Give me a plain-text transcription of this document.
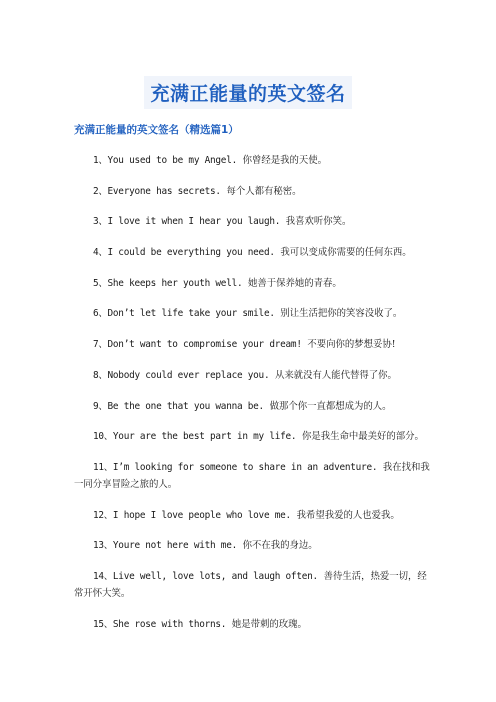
充满正能量的英文签名
充满正能量的英文签名（精选篇1）

1、You used to be my Angel. 你曾经是我的天使。

2、Everyone has secrets. 每个人都有秘密。

3、I love it when I hear you laugh. 我喜欢听你笑。

4、I could be everything you need. 我可以变成你需要的任何东西。

5、She keeps her youth well. 她善于保养她的青春。

6、Don’t let life take your smile. 别让生活把你的笑容没收了。

7、Don’t want to compromise your dream! 不要向你的梦想妥协!

8、Nobody could ever replace you. 从来就没有人能代替得了你。

9、Be the one that you wanna be. 做那个你一直都想成为的人。

10、Your are the best part in my life. 你是我生命中最美好的部分。

11、I’m looking for someone to share in an adventure. 我在找和我一同分享冒险之旅的人。

12、I hope I love people who love me. 我希望我爱的人也爱我。

13、Youre not here with me. 你不在我的身边。

14、Live well, love lots, and laugh often. 善待生活，热爱一切，经常开怀大笑。

15、She rose with thorns. 她是带刺的玫瑰。
